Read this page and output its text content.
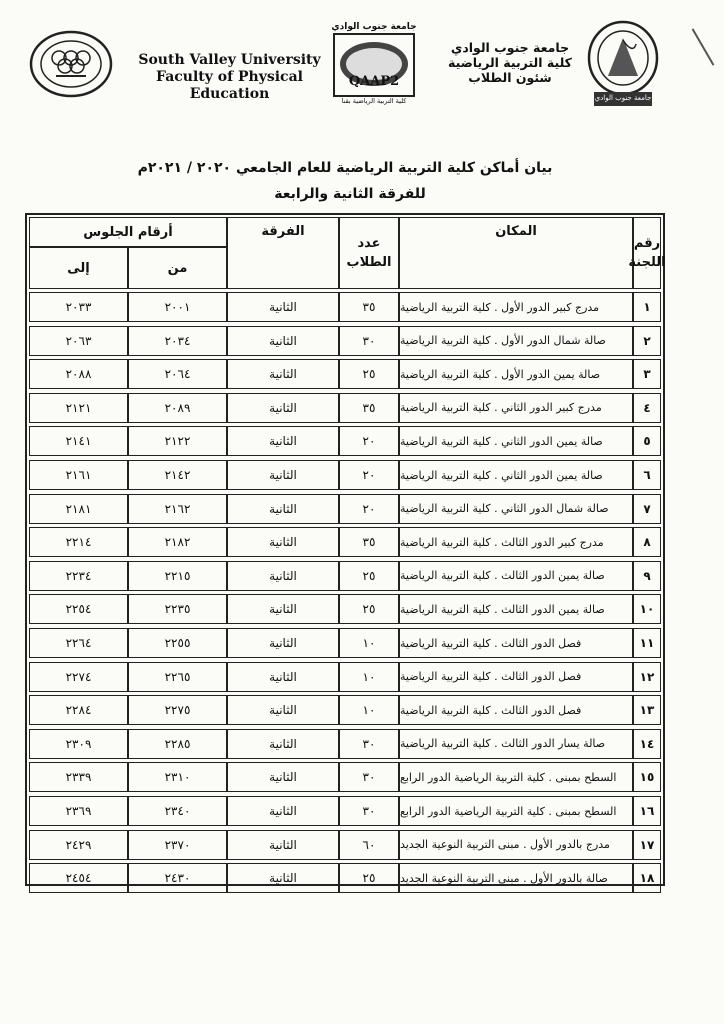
South Valley University
Faculty of Physical Education
جامعة جنوب الوادي
QAAP2
كلية التربية الرياضية بقنا
جامعة جنوب الوادي
كلية التربية الرياضية
شئون الطلاب
جامعة جنوب الوادي
بيان أماكن كلية التربية الرياضية للعام الجامعي ٢٠٢٠ / ٢٠٢١م
للفرقة الثانية والرابعة
رقم اللجنة
المكان
عدد الطلاب
الفرقة
أرقام الجلوس
من
إلى
١
مدرج كبير الدور الأول . كلية التربية الرياضية
٣٥
الثانية
٢٠٠١
٢٠٣٣
٢
صالة شمال الدور الأول . كلية التربية الرياضية
٣٠
الثانية
٢٠٣٤
٢٠٦٣
٣
صالة يمين الدور الأول . كلية التربية الرياضية
٢٥
الثانية
٢٠٦٤
٢٠٨٨
٤
مدرج كبير الدور الثاني . كلية التربية الرياضية
٣٥
الثانية
٢٠٨٩
٢١٢١
٥
صالة يمين الدور الثاني . كلية التربية الرياضية
٢٠
الثانية
٢١٢٢
٢١٤١
٦
صالة يمين الدور الثاني . كلية التربية الرياضية
٢٠
الثانية
٢١٤٢
٢١٦١
٧
صالة شمال الدور الثاني . كلية التربية الرياضية
٢٠
الثانية
٢١٦٢
٢١٨١
٨
مدرج كبير الدور الثالث . كلية التربية الرياضية
٣٥
الثانية
٢١٨٢
٢٢١٤
٩
صالة يمين الدور الثالث . كلية التربية الرياضية
٢٥
الثانية
٢٢١٥
٢٢٣٤
١٠
صالة يمين الدور الثالث . كلية التربية الرياضية
٢٥
الثانية
٢٢٣٥
٢٢٥٤
١١
فصل الدور الثالث . كلية التربية الرياضية
١٠
الثانية
٢٢٥٥
٢٢٦٤
١٢
فصل الدور الثالث . كلية التربية الرياضية
١٠
الثانية
٢٢٦٥
٢٢٧٤
١٣
فصل الدور الثالث . كلية التربية الرياضية
١٠
الثانية
٢٢٧٥
٢٢٨٤
١٤
صالة يسار الدور الثالث . كلية التربية الرياضية
٣٠
الثانية
٢٢٨٥
٢٣٠٩
١٥
السطح بمبنى . كلية التربية الرياضية الدور الرابع
٣٠
الثانية
٢٣١٠
٢٣٣٩
١٦
السطح بمبنى . كلية التربية الرياضية الدور الرابع
٣٠
الثانية
٢٣٤٠
٢٣٦٩
١٧
مدرج بالدور الأول . مبنى التربية النوعية الجديد
٦٠
الثانية
٢٣٧٠
٢٤٢٩
١٨
صالة بالدور الأول . مبنى التربية النوعية الجديد
٢٥
الثانية
٢٤٣٠
٢٤٥٤
